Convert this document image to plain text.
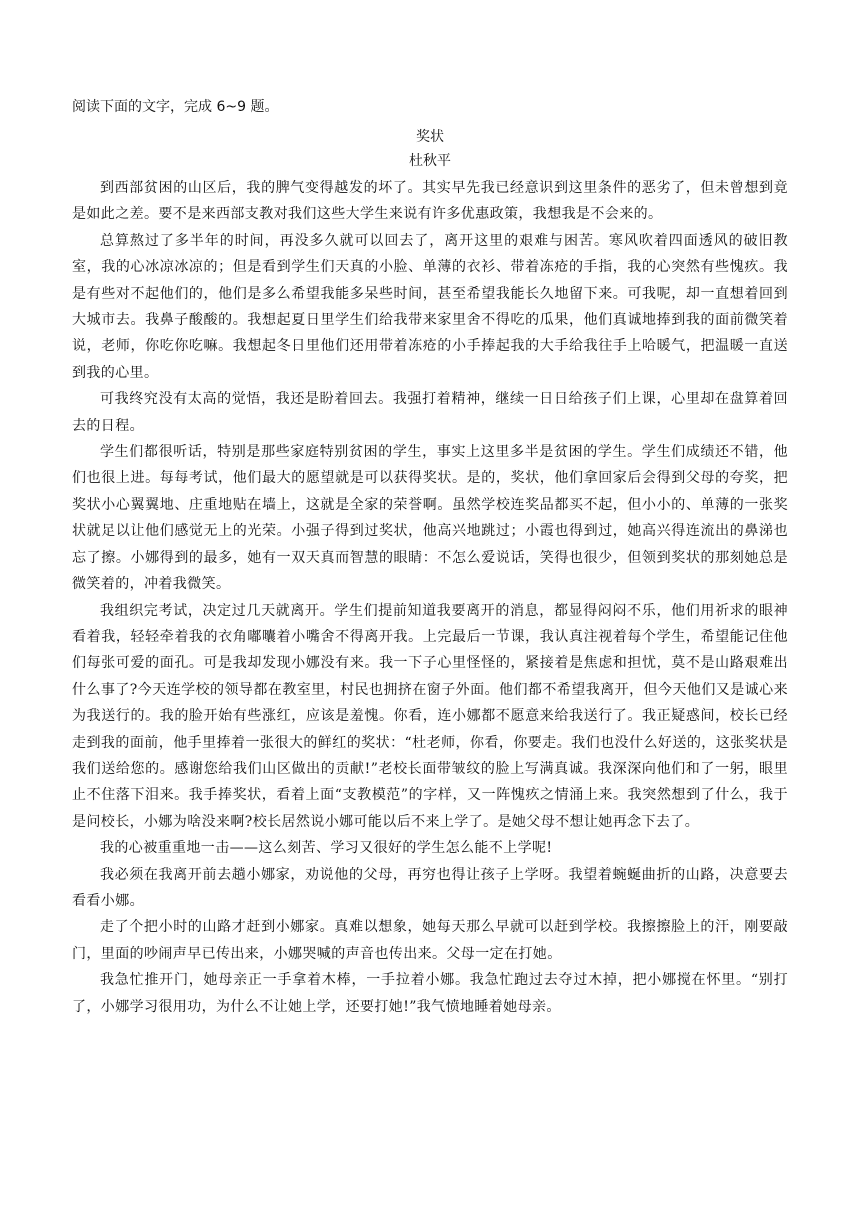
阅读下面的文字，完成 6~9 题。

奖状

杜秋平

到西部贫困的山区后，我的脾气变得越发的坏了。其实早先我已经意识到这里条件的恶劣了，但未曾想到竟是如此之差。要不是来西部支教对我们这些大学生来说有许多优惠政策，我想我是不会来的。

总算熬过了多半年的时间，再没多久就可以回去了，离开这里的艰难与困苦。寒风吹着四面透风的破旧教室，我的心冰凉冰凉的；但是看到学生们天真的小脸、单薄的衣衫、带着冻疮的手指，我的心突然有些愧疚。我是有些对不起他们的，他们是多么希望我能多呆些时间，甚至希望我能长久地留下来。可我呢，却一直想着回到大城市去。我鼻子酸酸的。我想起夏日里学生们给我带来家里舍不得吃的瓜果，他们真诚地捧到我的面前微笑着说，老师，你吃你吃嘛。我想起冬日里他们还用带着冻疮的小手捧起我的大手给我往手上哈暖气，把温暖一直送到我的心里。

可我终究没有太高的觉悟，我还是盼着回去。我强打着精神，继续一日日给孩子们上课，心里却在盘算着回去的日程。

学生们都很听话，特别是那些家庭特别贫困的学生，事实上这里多半是贫困的学生。学生们成绩还不错，他们也很上进。每每考试，他们最大的愿望就是可以获得奖状。是的，奖状，他们拿回家后会得到父母的夸奖，把奖状小心翼翼地、庄重地贴在墙上，这就是全家的荣誉啊。虽然学校连奖品都买不起，但小小的、单薄的一张奖状就足以让他们感觉无上的光荣。小强子得到过奖状，他高兴地跳过；小霞也得到过，她高兴得连流出的鼻涕也忘了擦。小娜得到的最多，她有一双天真而智慧的眼睛：不怎么爱说话，笑得也很少，但领到奖状的那刻她总是微笑着的，冲着我微笑。

我组织完考试，决定过几天就离开。学生们提前知道我要离开的消息，都显得闷闷不乐，他们用祈求的眼神看着我，轻轻牵着我的衣角嘟囔着小嘴舍不得离开我。上完最后一节课，我认真注视着每个学生，希望能记住他们每张可爱的面孔。可是我却发现小娜没有来。我一下子心里怪怪的，紧接着是焦虑和担忧，莫不是山路艰难出什么事了?今天连学校的领导都在教室里，村民也拥挤在窗子外面。他们都不希望我离开，但今天他们又是诚心来为我送行的。我的脸开始有些涨红，应该是羞愧。你看，连小娜都不愿意来给我送行了。我正疑惑间，校长已经走到我的面前，他手里捧着一张很大的鲜红的奖状：“杜老师，你看，你要走。我们也没什么好送的，这张奖状是我们送给您的。感谢您给我们山区做出的贡献!”老校长面带皱纹的脸上写满真诚。我深深向他们和了一躬，眼里止不住落下泪来。我手捧奖状，看着上面“支教模范”的字样，又一阵愧疚之情涌上来。我突然想到了什么，我于是问校长，小娜为啥没来啊?校长居然说小娜可能以后不来上学了。是她父母不想让她再念下去了。

我的心被重重地一击——这么刻苦、学习又很好的学生怎么能不上学呢!

我必须在我离开前去趟小娜家，劝说他的父母，再穷也得让孩子上学呀。我望着蜿蜒曲折的山路，决意要去看看小娜。

走了个把小时的山路才赶到小娜家。真难以想象，她每天那么早就可以赶到学校。我擦擦脸上的汗，刚要敲门，里面的吵闹声早已传出来，小娜哭喊的声音也传出来。父母一定在打她。

我急忙推开门，她母亲正一手拿着木棒，一手拉着小娜。我急忙跑过去夺过木掉，把小娜搅在怀里。“别打了，小娜学习很用功，为什么不让她上学，还要打她!”我气愤地睡着她母亲。
